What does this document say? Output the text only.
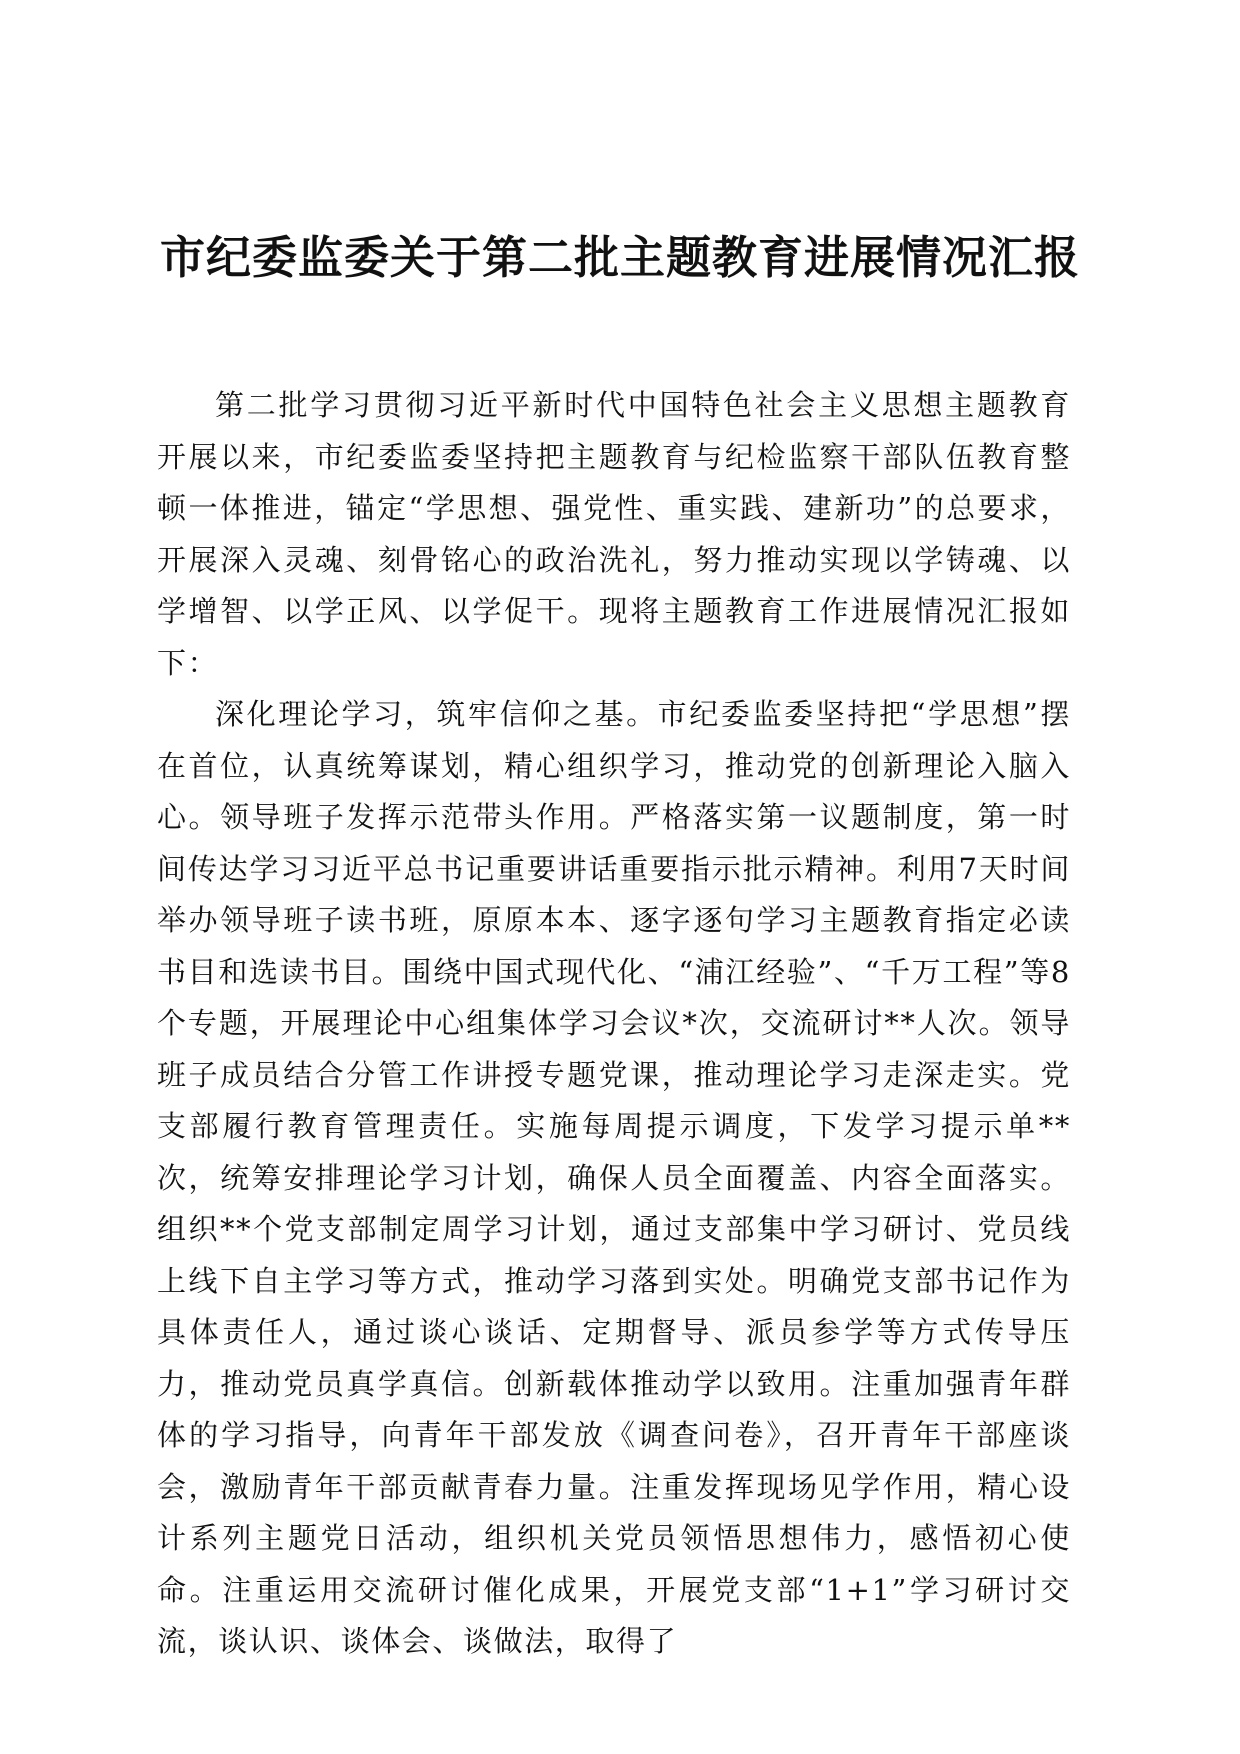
市纪委监委关于第二批主题教育进展情况汇报

第二批学习贯彻习近平新时代中国特色社会主义思想主题教育开展以来，市纪委监委坚持把主题教育与纪检监察干部队伍教育整顿一体推进，锚定“学思想、强党性、重实践、建新功”的总要求，开展深入灵魂、刻骨铭心的政治洗礼，努力推动实现以学铸魂、以学增智、以学正风、以学促干。现将主题教育工作进展情况汇报如下：

深化理论学习，筑牢信仰之基。市纪委监委坚持把“学思想”摆在首位，认真统筹谋划，精心组织学习，推动党的创新理论入脑入心。领导班子发挥示范带头作用。严格落实第一议题制度，第一时间传达学习习近平总书记重要讲话重要指示批示精神。利用7天时间举办领导班子读书班，原原本本、逐字逐句学习主题教育指定必读书目和选读书目。围绕中国式现代化、“浦江经验”、“千万工程”等8个专题，开展理论中心组集体学习会议*次，交流研讨**人次。领导班子成员结合分管工作讲授专题党课，推动理论学习走深走实。党支部履行教育管理责任。实施每周提示调度，下发学习提示单**次，统筹安排理论学习计划，确保人员全面覆盖、内容全面落实。组织**个党支部制定周学习计划，通过支部集中学习研讨、党员线上线下自主学习等方式，推动学习落到实处。明确党支部书记作为具体责任人，通过谈心谈话、定期督导、派员参学等方式传导压力，推动党员真学真信。创新载体推动学以致用。注重加强青年群体的学习指导，向青年干部发放《调查问卷》，召开青年干部座谈会，激励青年干部贡献青春力量。注重发挥现场见学作用，精心设计系列主题党日活动，组织机关党员领悟思想伟力，感悟初心使命。注重运用交流研讨催化成果，开展党支部“1+1”学习研讨交流，谈认识、谈体会、谈做法，取得了
